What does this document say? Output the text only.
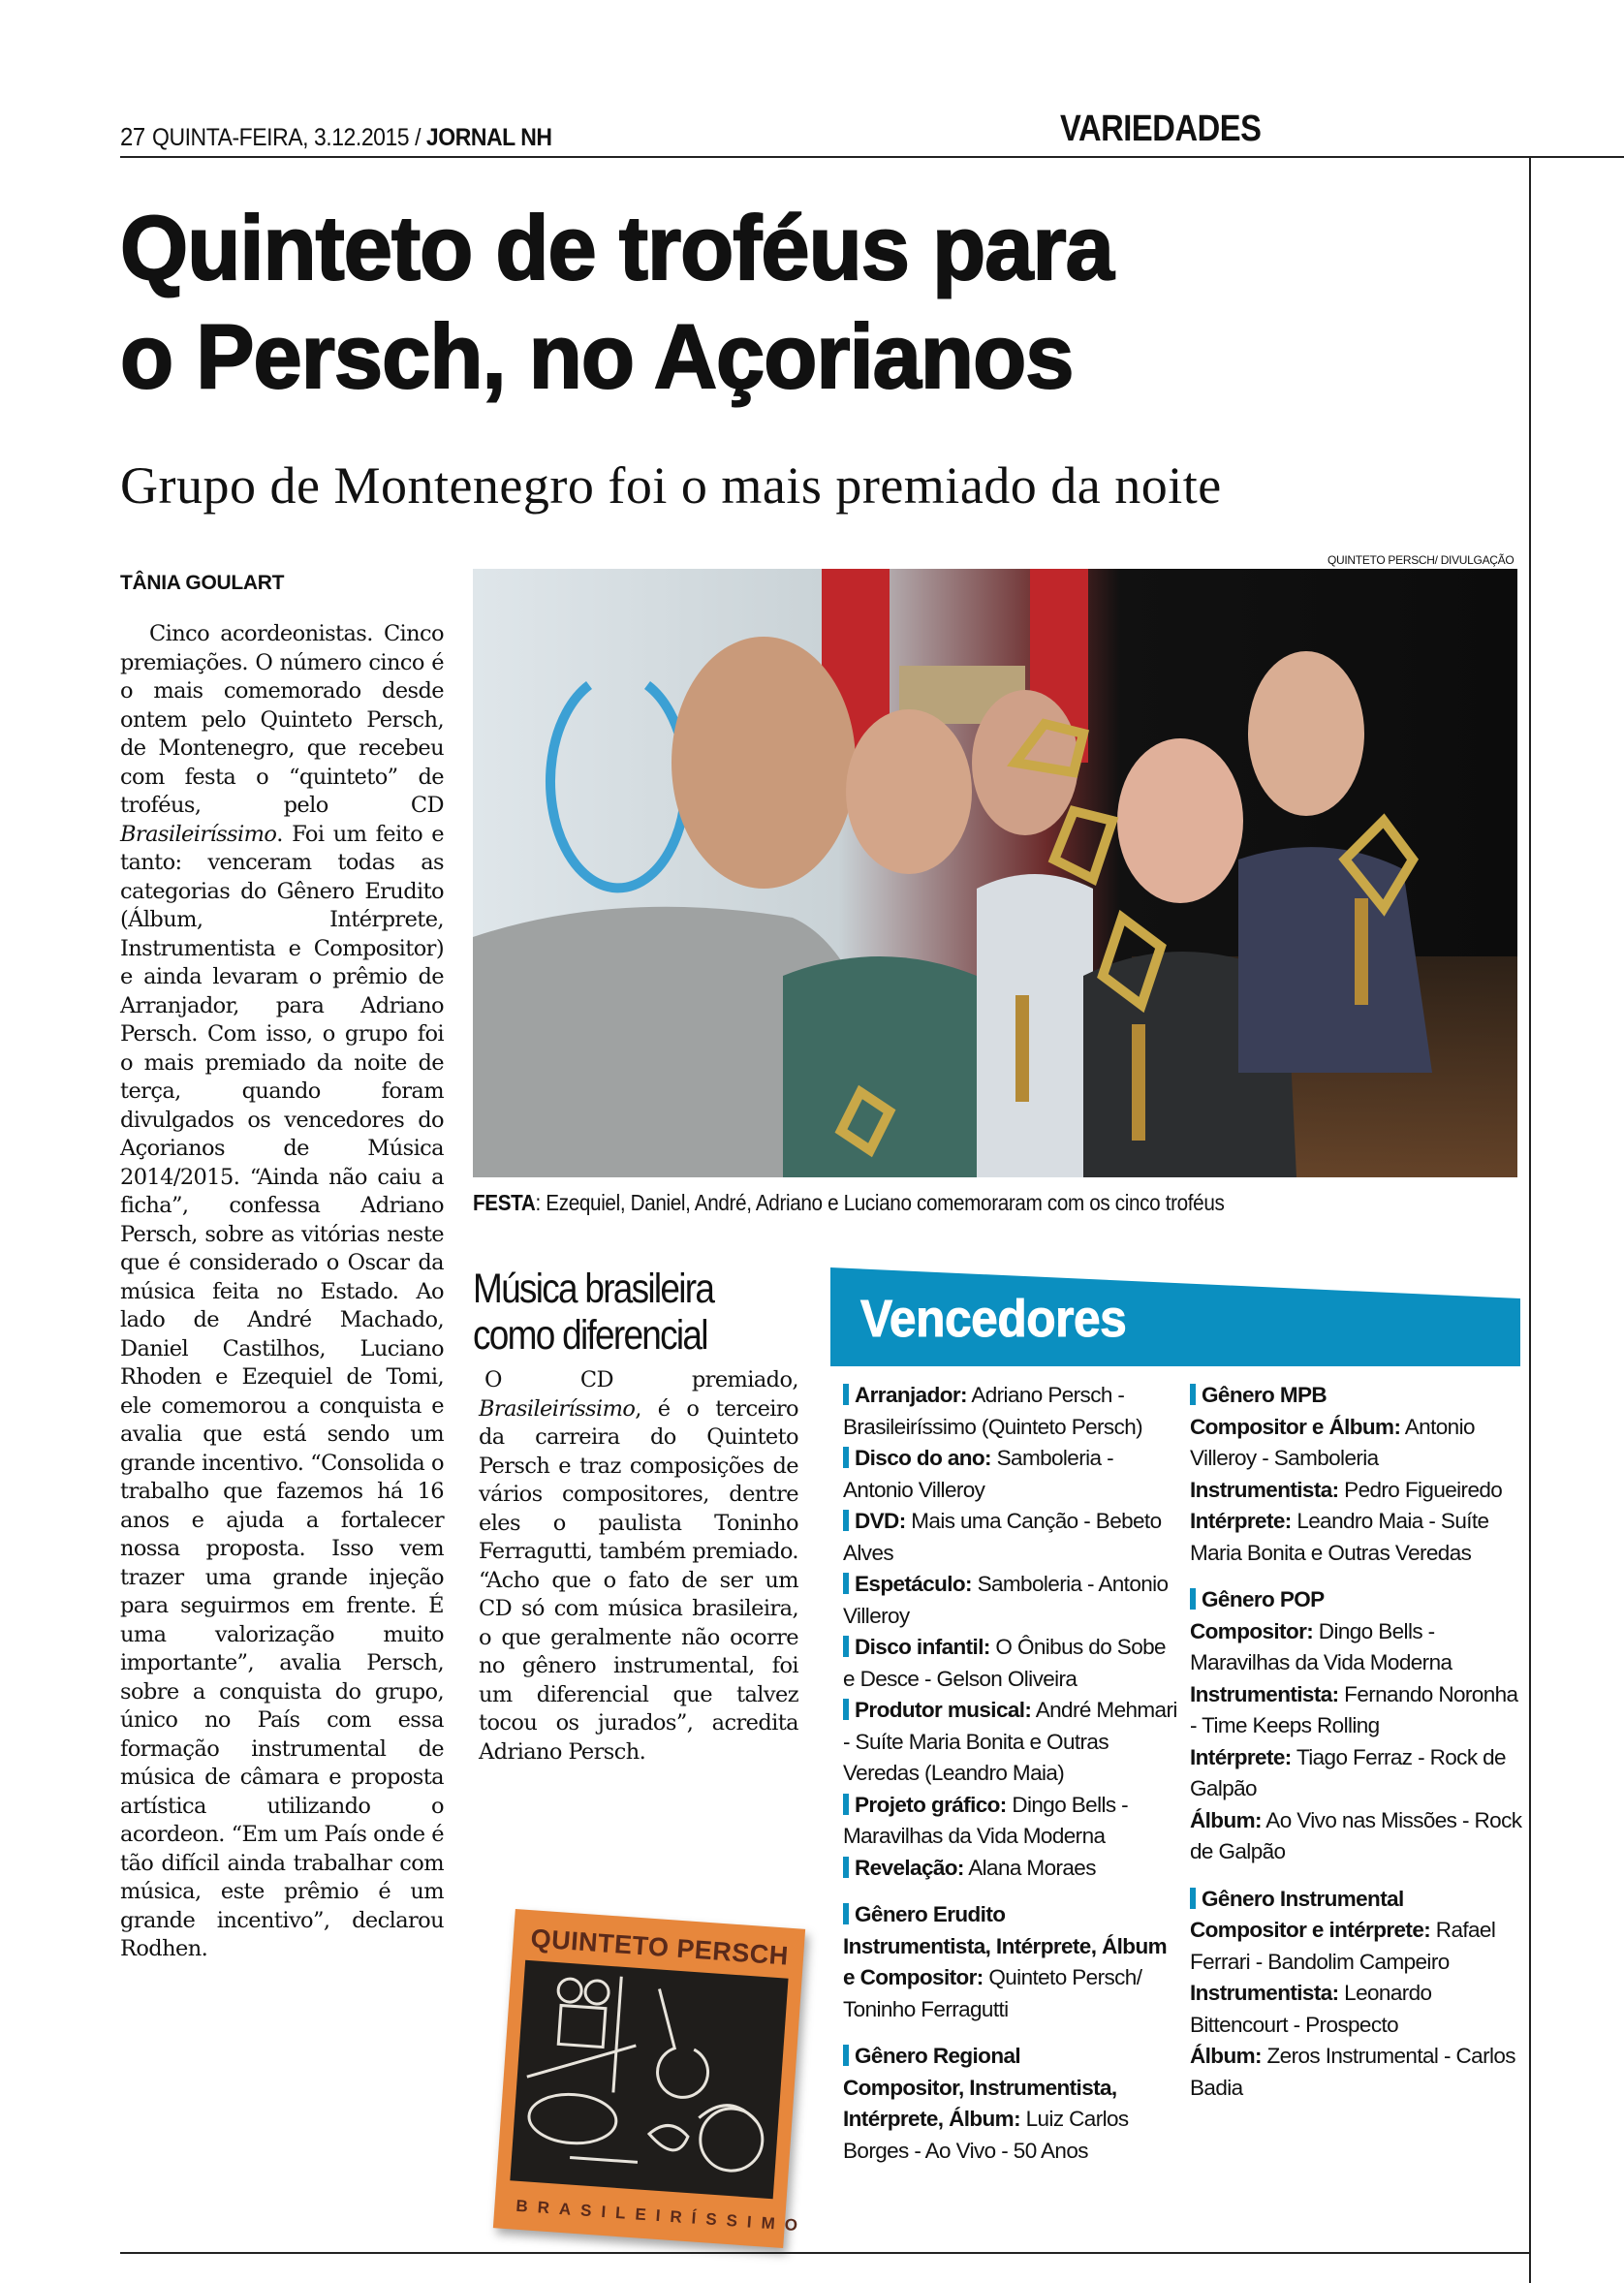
27 QUINTA-FEIRA, 3.12.2015 / JORNAL NH	VARIEDADES
Quinteto de troféus para
o Persch, no Açorianos
Grupo de Montenegro foi o mais premiado da noite
TÂNIA GOULART

Cinco acordeonistas. Cinco premiações. O número cinco é o mais comemorado desde ontem pelo Quinteto Persch, de Montenegro, que recebeu com festa o “quinteto” de troféus, pelo CD Brasileiríssimo. Foi um feito e tanto: venceram todas as categorias do Gênero Erudito (Álbum, Intérprete, Instrumentista e Compositor) e ainda levaram o prêmio de Arranjador, para Adriano Persch. Com isso, o grupo foi o mais premiado da noite de terça, quando foram divulgados os vencedores do Açorianos de Música 2014/2015. “Ainda não caiu a ficha”, confessa Adriano Persch, sobre as vitórias neste que é considerado o Oscar da música feita no Estado. Ao lado de André Machado, Daniel Castilhos, Luciano Rhoden e Ezequiel de Tomi, ele comemorou a conquista e avalia que está sendo um grande incentivo. “Consolida o trabalho que fazemos há 16 anos e ajuda a fortalecer nossa proposta. Isso vem trazer uma grande injeção para seguirmos em frente. É uma valorização muito importante”, avalia Persch, sobre a conquista do grupo, único no País com essa formação instrumental de música de câmara e proposta artística utilizando o acordeon. “Em um País onde é tão difícil ainda trabalhar com música, este prêmio é um grande incentivo”, declarou Rodhen.

QUINTETO PERSCH/ DIVULGAÇÃO
FESTA: Ezequiel, Daniel, André, Adriano e Luciano comemoraram com os cinco troféus
Música brasileira
como diferencial

O CD premiado, Brasileiríssimo, é o terceiro da carreira do Quinteto Persch e traz composições de vários compositores, dentre eles o paulista Toninho Ferragutti, também premiado. “Acho que o fato de ser um CD só com música brasileira, o que geralmente não ocorre no gênero instrumental, foi um diferencial que talvez tocou os jurados”, acredita Adriano Persch.

QUINTETO PERSCH
BRASILEIRÍSSIMO
Vencedores
Arranjador: Adriano Persch - Brasileiríssimo (Quinteto Persch)
Disco do ano: Samboleria - Antonio Villeroy
DVD: Mais uma Canção - Bebeto Alves
Espetáculo: Samboleria - Antonio Villeroy
Disco infantil: O Ônibus do Sobe e Desce - Gelson Oliveira
Produtor musical: André Mehmari - Suíte Maria Bonita e Outras Veredas (Leandro Maia)
Projeto gráfico: Dingo Bells - Maravilhas da Vida Moderna
Revelação: Alana Moraes
Gênero Erudito
Instrumentista, Intérprete, Álbum e Compositor: Quinteto Persch/ Toninho Ferragutti
Gênero Regional
Compositor, Instrumentista, Intérprete, Álbum: Luiz Carlos Borges - Ao Vivo - 50 Anos
Gênero MPB
Compositor e Álbum: Antonio Villeroy - Samboleria
Instrumentista: Pedro Figueiredo
Intérprete: Leandro Maia - Suíte Maria Bonita e Outras Veredas
Gênero POP
Compositor: Dingo Bells - Maravilhas da Vida Moderna
Instrumentista: Fernando Noronha - Time Keeps Rolling
Intérprete: Tiago Ferraz - Rock de Galpão
Álbum: Ao Vivo nas Missões - Rock de Galpão
Gênero Instrumental
Compositor e intérprete: Rafael Ferrari - Bandolim Campeiro
Instrumentista: Leonardo Bittencourt - Prospecto
Álbum: Zeros Instrumental - Carlos Badia
